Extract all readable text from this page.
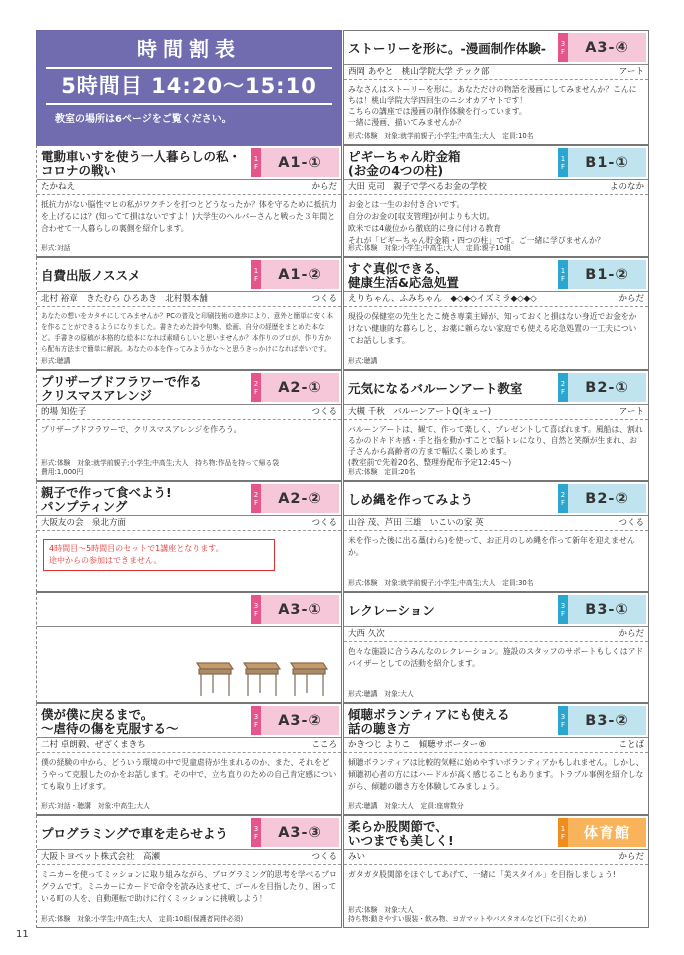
時間割表
5時間目 14:20〜15:10
教室の場所は6ページをご覧ください。
電動車いすを使う一人暮らしの私・
コロナの戦い
1
F	A1-①
たかねえ	からだ
抵抗力がない脳性マヒの私がワクチンを打つとどうなったか？体を守るために抵抗力を上げるには？(知ってて損はないですよ！)大学生のヘルパーさんと戦った３年間と合わせて一人暮らしの裏側を紹介します。
形式:対話
自費出版ノススメ	1
F	A1-②
北村 裕章　きたむら ひろあき　北村製本舗	つくる
あなたの想いをカタチにしてみませんか？PCの普及と印刷技術の進歩により、意外と簡単に安く本を作ることができるようになりました。書きためた詩や句集、絵画、自分の経歴をまとめた本など。手書きの原稿が本格的な絵本になれば素晴らしいと思いませんか？本作りのプロが、作り方から配布方法まで簡単に解説。あなたの本を作ってみようかな〜と思うきっかけになれば幸いです。
形式:聴講
プリザーブドフラワーで作る
クリスマスアレンジ
2
F	A2-①
的場 知佐子	つくる
プリザーブドフラワーで、クリスマスアレンジを作ろう。
形式:体験　対象:就学前親子;小学生;中高生;大人　持ち物:作品を持って帰る袋
費用:1,000円
親子で作って食べよう!
パンプティング
2
F	A2-②
大阪友の会　泉北方面	つくる
4時間目〜5時間目のセットで1講座となります。
途中からの参加はできません。
3
F	A3-①
僕が僕に戻るまで。
〜虐待の傷を克服する〜
3
F	A3-②
二村 卓朗毅、ぜざくまきち	こころ
僕の経験の中から、どういう環境の中で児童虐待が生まれるのか、また、それをどうやって克服したのかをお話します。その中で、立ち直りのための自己肯定感についても取り上げます。
形式:対話・聴講　対象:中高生;大人
プログラミングで車を走らせよう	3
F	A3-③
大阪トヨペット株式会社　高瀬	つくる
ミニカーを使ってミッションに取り組みながら、プログラミング的思考を学べるプログラムです。ミニカーにカードで命令を読み込ませて、ゴールを目指したり、困っている町の人を、自動運転で助けに行くミッションに挑戦しよう！
形式:体験　対象:小学生;中高生;大人　定員:10組(保護者同伴必須)
ストーリーを形に。-漫画制作体験-	3
F	A3-④
西岡 あやと　桃山学院大学 テック部	アート
みなさんはストーリーを形に。あなただけの物語を漫画にしてみませんか？こんにちは！桃山学院大学四回生のニシオカアヤトです！
こちらの講座では漫画の制作体験を行っています。
一緒に漫画、描いてみませんか？
形式:体験　対象:就学前親子;小学生;中高生;大人　定員:10名
ピギーちゃん貯金箱
(お金の4つの柱)
1
F	B1-①
大田 克司　親子で学べるお金の学校	よのなか
お金とは一生のお付き合いです。
自分のお金の[収支管理]が何よりも大切。
欧米では4歳位から徹底的に身に付ける教育
それが「ピギーちゃん貯金箱・四つの柱」です。ご一緒に学びませんか？
形式:体験　対象:小学生;中高生;大人　定員:親子10組
すぐ真似できる、
健康生活&応急処置
1
F	B1-②
えりちゃん、ふみちゃん　◆◇◆◇イズミラ◆◇◆◇	からだ
現役の保健室の先生とたこ焼き専業主婦が、知っておくと損はない身近でお金をかけない健康的な暮らしと、お薬に頼らない家庭でも使える応急処置の一工夫についてお話しします。
形式:聴講
元気になるバルーンアート教室	2
F	B2-①
大槻 千秋　バルーンアートQ(キュー)	アート
バルーンアートは、観て、作って楽しく、プレゼントして喜ばれます。風船は、割れるかのドキドキ感・手と指を動かすことで脳トレになり、自然と笑顔が生まれ、お子さんから高齢者の方まで幅広く楽しめます。
(教室前で先着20名、整理券配布予定12:45〜)
形式:体験　定員:20名
しめ縄を作ってみよう	2
F	B2-②
山谷 茂、芦田 三雄　いこいの家 英	つくる
米を作った後に出る藁(わら)を使って、お正月のしめ縄を作って新年を迎えませんか。
形式:体験　対象:就学前親子;小学生;中高生;大人　定員:30名
レクレーション	3
F	B3-①
大西 久次	からだ
色々な施設に合うみんなのレクレーション。施設のスタッフのサポートもしくはアドバイザーとしての活動を紹介します。
形式:聴講　対象:大人
傾聴ボランティアにも使える
話の聴き方
3
F	B3-②
かきつじ よりこ　傾聴サポーター®	ことば
傾聴ボランティアは比較的気軽に始めやすいボランティアかもしれません。しかし、傾聴初心者の方にはハードルが高く感じることもあります。トラブル事例を紹介しながら、傾聴の聴き方を体験してみましょう。
形式:聴講　対象:大人　定員:座席数分
柔らか股関節で、
いつまでも美しく!
1
F	体育館
みい	からだ
ガタガタ股関節をほぐしてあげて、一緒に「美スタイル」を目指しましょう!
形式:体験　対象:大人
持ち物:動きやすい服装・飲み物、ヨガマットやバスタオルなど(下に引くため)
11
